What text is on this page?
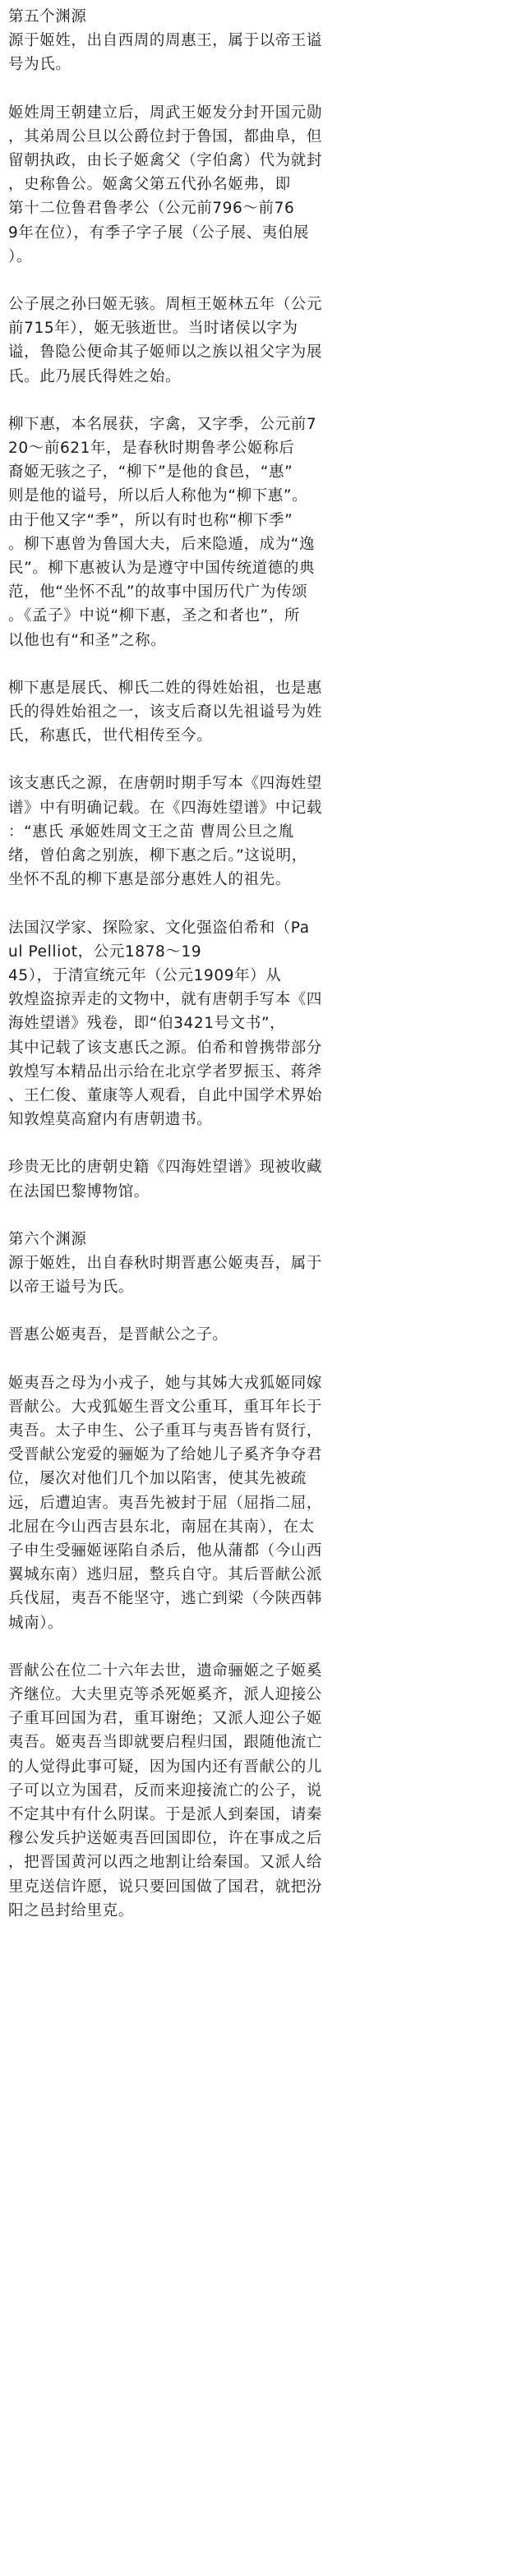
第五个渊源

源于姬姓，出自西周的周惠王，属于以帝王谥
号为氏。

姬姓周王朝建立后，周武王姬发分封开国元勋
，其弟周公旦以公爵位封于鲁国，都曲阜，但
留朝执政，由长子姬禽父（字伯禽）代为就封
，史称鲁公。姬禽父第五代孙名姬弗，即
第十二位鲁君鲁孝公（公元前796～前76
9年在位），有季子字子展（公子展、夷伯展
）。

公子展之孙曰姬无骇。周桓王姬林五年（公元
前715年），姬无骇逝世。当时诸侯以字为
谥，鲁隐公便命其子姬师以之族以祖父字为展
氏。此乃展氏得姓之始。

柳下惠，本名展获，字禽，又字季，公元前7
20～前621年，是春秋时期鲁孝公姬称后
裔姬无骇之子，“柳下”是他的食邑，“惠”
则是他的谥号，所以后人称他为“柳下惠”。
由于他又字“季”，所以有时也称“柳下季”
。柳下惠曾为鲁国大夫，后来隐遁，成为“逸
民”。柳下惠被认为是遵守中国传统道德的典
范，他“坐怀不乱”的故事中国历代广为传颂
。《孟子》中说“柳下惠，圣之和者也”，所
以他也有“和圣”之称。

柳下惠是展氏、柳氏二姓的得姓始祖，也是惠
氏的得姓始祖之一，该支后裔以先祖谥号为姓
氏，称惠氏，世代相传至今。

该支惠氏之源，在唐朝时期手写本《四海姓望
谱》中有明确记载。在《四海姓望谱》中记载
：“惠氏 承姬姓周文王之苗 曹周公旦之胤
绪，曾伯禽之别族，柳下惠之后。”这说明，
坐怀不乱的柳下惠是部分惠姓人的祖先。

法国汉学家、探险家、文化强盗伯希和（Pa
ul Pelliot，公元1878～19
45），于清宣统元年（公元1909年）从
敦煌盗掠弄走的文物中，就有唐朝手写本《四
海姓望谱》残卷，即“伯3421号文书”，
其中记载了该支惠氏之源。伯希和曾携带部分
敦煌写本精品出示给在北京学者罗振玉、蒋斧
、王仁俊、董康等人观看，自此中国学术界始
知敦煌莫高窟内有唐朝遗书。

珍贵无比的唐朝史籍《四海姓望谱》现被收藏
在法国巴黎博物馆。

第六个渊源

源于姬姓，出自春秋时期晋惠公姬夷吾，属于
以帝王谥号为氏。

晋惠公姬夷吾，是晋献公之子。

姬夷吾之母为小戎子，她与其姊大戎狐姬同嫁
晋献公。大戎狐姬生晋文公重耳，重耳年长于
夷吾。太子申生、公子重耳与夷吾皆有贤行，
受晋献公宠爱的骊姬为了给她儿子奚齐争夺君
位，屡次对他们几个加以陷害，使其先被疏
远，后遭迫害。夷吾先被封于屈（屈指二屈，
北屈在今山西吉县东北，南屈在其南），在太
子申生受骊姬诬陷自杀后，他从蒲都（今山西
翼城东南）逃归屈，整兵自守。其后晋献公派
兵伐屈，夷吾不能坚守，逃亡到梁（今陕西韩
城南）。

晋献公在位二十六年去世，遗命骊姬之子姬奚
齐继位。大夫里克等杀死姬奚齐，派人迎接公
子重耳回国为君，重耳谢绝；又派人迎公子姬
夷吾。姬夷吾当即就要启程归国，跟随他流亡
的人觉得此事可疑，因为国内还有晋献公的儿
子可以立为国君，反而来迎接流亡的公子，说
不定其中有什么阴谋。于是派人到秦国，请秦
穆公发兵护送姬夷吾回国即位，许在事成之后
，把晋国黄河以西之地割让给秦国。又派人给
里克送信许愿，说只要回国做了国君，就把汾
阳之邑封给里克。
